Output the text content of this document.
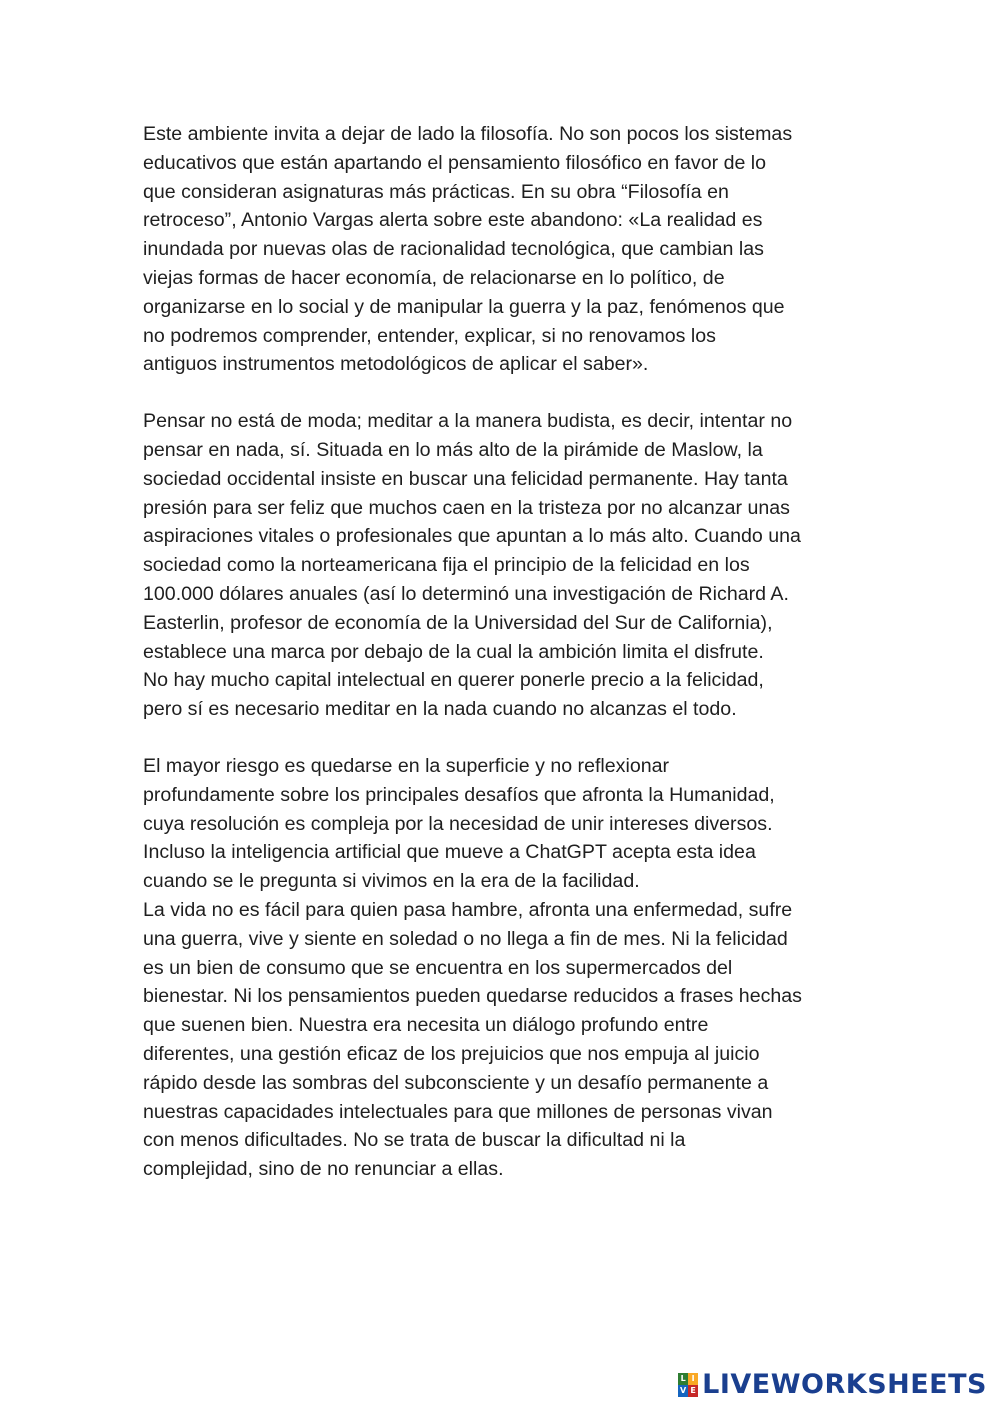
Este ambiente invita a dejar de lado la filosofía. No son pocos los sistemas
educativos que están apartando el pensamiento filosófico en favor de lo
que consideran asignaturas más prácticas. En su obra “Filosofía en
retroceso”, Antonio Vargas alerta sobre este abandono: «La realidad es
inundada por nuevas olas de racionalidad tecnológica, que cambian las
viejas formas de hacer economía, de relacionarse en lo político, de
organizarse en lo social y de manipular la guerra y la paz, fenómenos que
no podremos comprender, entender, explicar, si no renovamos los
antiguos instrumentos metodológicos de aplicar el saber».

Pensar no está de moda; meditar a la manera budista, es decir, intentar no
pensar en nada, sí. Situada en lo más alto de la pirámide de Maslow, la
sociedad occidental insiste en buscar una felicidad permanente. Hay tanta
presión para ser feliz que muchos caen en la tristeza por no alcanzar unas
aspiraciones vitales o profesionales que apuntan a lo más alto. Cuando una
sociedad como la norteamericana fija el principio de la felicidad en los
100.000 dólares anuales (así lo determinó una investigación de Richard A.
Easterlin, profesor de economía de la Universidad del Sur de California),
establece una marca por debajo de la cual la ambición limita el disfrute.
No hay mucho capital intelectual en querer ponerle precio a la felicidad,
pero sí es necesario meditar en la nada cuando no alcanzas el todo.

El mayor riesgo es quedarse en la superficie y no reflexionar
profundamente sobre los principales desafíos que afronta la Humanidad,
cuya resolución es compleja por la necesidad de unir intereses diversos.
Incluso la inteligencia artificial que mueve a ChatGPT acepta esta idea
cuando se le pregunta si vivimos en la era de la facilidad.
La vida no es fácil para quien pasa hambre, afronta una enfermedad, sufre
una guerra, vive y siente en soledad o no llega a fin de mes. Ni la felicidad
es un bien de consumo que se encuentra en los supermercados del
bienestar. Ni los pensamientos pueden quedarse reducidos a frases hechas
que suenen bien. Nuestra era necesita un diálogo profundo entre
diferentes, una gestión eficaz de los prejuicios que nos empuja al juicio
rápido desde las sombras del subconsciente y un desafío permanente a
nuestras capacidades intelectuales para que millones de personas vivan
con menos dificultades. No se trata de buscar la dificultad ni la
complejidad, sino de no renunciar a ellas.

L I
V E LIVEWORKSHEETS
